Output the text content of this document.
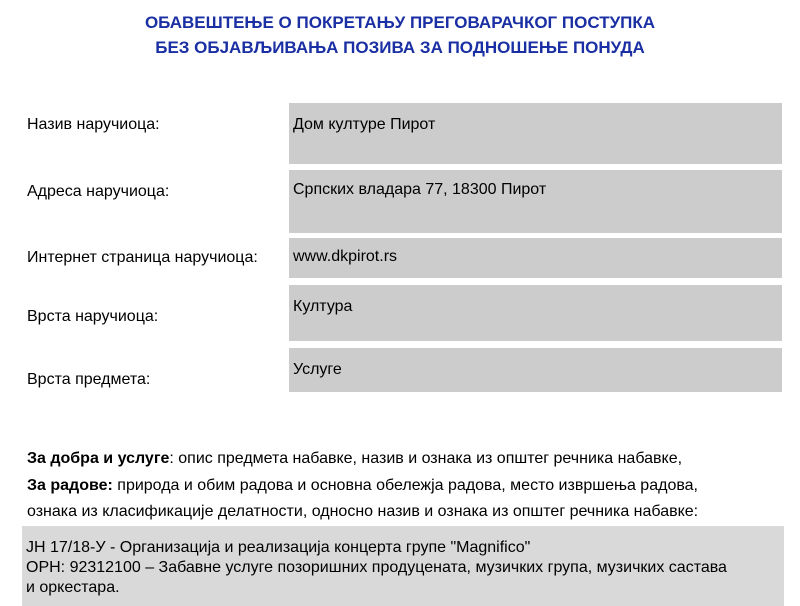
ОБАВЕШТЕЊЕ О ПОКРЕТАЊУ ПРЕГОВАРАЧКОГ ПОСТУПКА
БЕЗ ОБЈАВЉИВАЊА ПОЗИВА ЗА ПОДНОШЕЊЕ ПОНУДА
Назив наручиоца:	Дом културе Пирот
Адреса наручиоца:	Српских владара 77, 18300 Пирот
Интернет страница наручиоца: www.dkpirot.rs
Врста наручиоца:
Култура
Врста предмета:
Услуге
За добра и услуге: опис предмета набавке, назив и ознака из општег речника набавке,
За радове: природа и обим радова и основна обележја радова, место извршења радова,
ознака из класификације делатности, односно назив и ознака из општег речника набавке:
ЈН 17/18-У - Организација и реализација концерта групе "Magnifico"
ОРН: 92312100 – Забавне услуге позоришних продуцената, музичких група, музичких састава
и оркестара.
